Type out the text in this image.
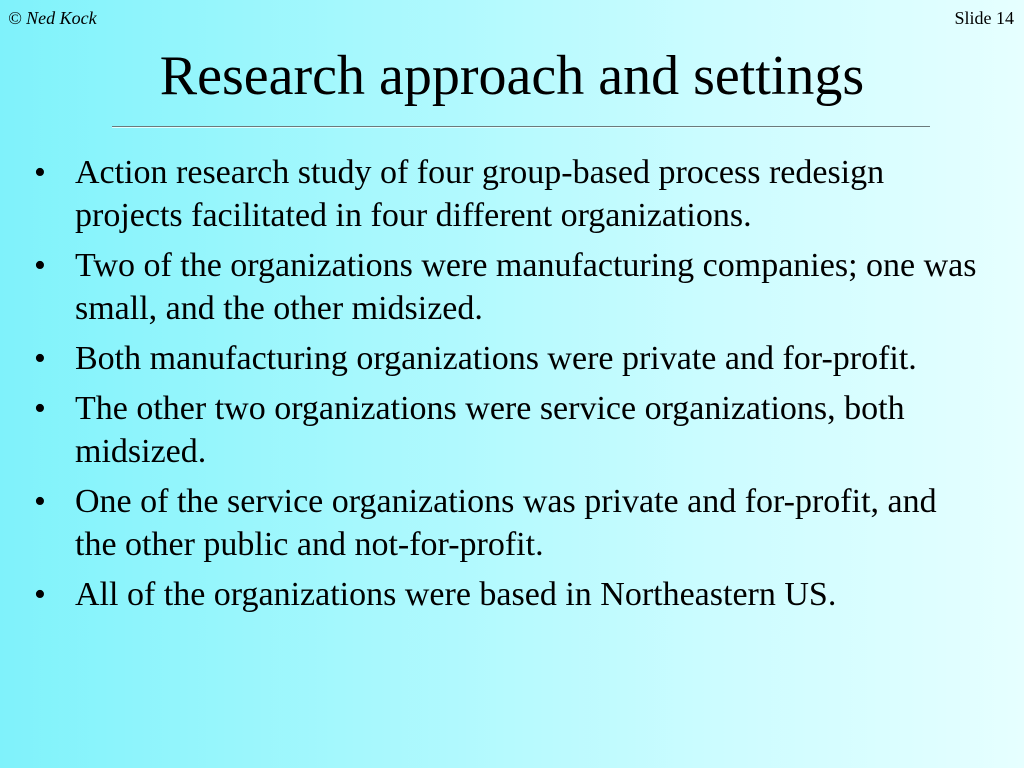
© Ned Kock	Slide 14
Research approach and settings
• Action research study of four group-based process redesign projects facilitated in four different organizations.
• Two of the organizations were manufacturing companies; one was small, and the other midsized.
• Both manufacturing organizations were private and for-profit.
• The other two organizations were service organizations, both midsized.
• One of the service organizations was private and for-profit, and the other public and not-for-profit.
• All of the organizations were based in Northeastern US.
